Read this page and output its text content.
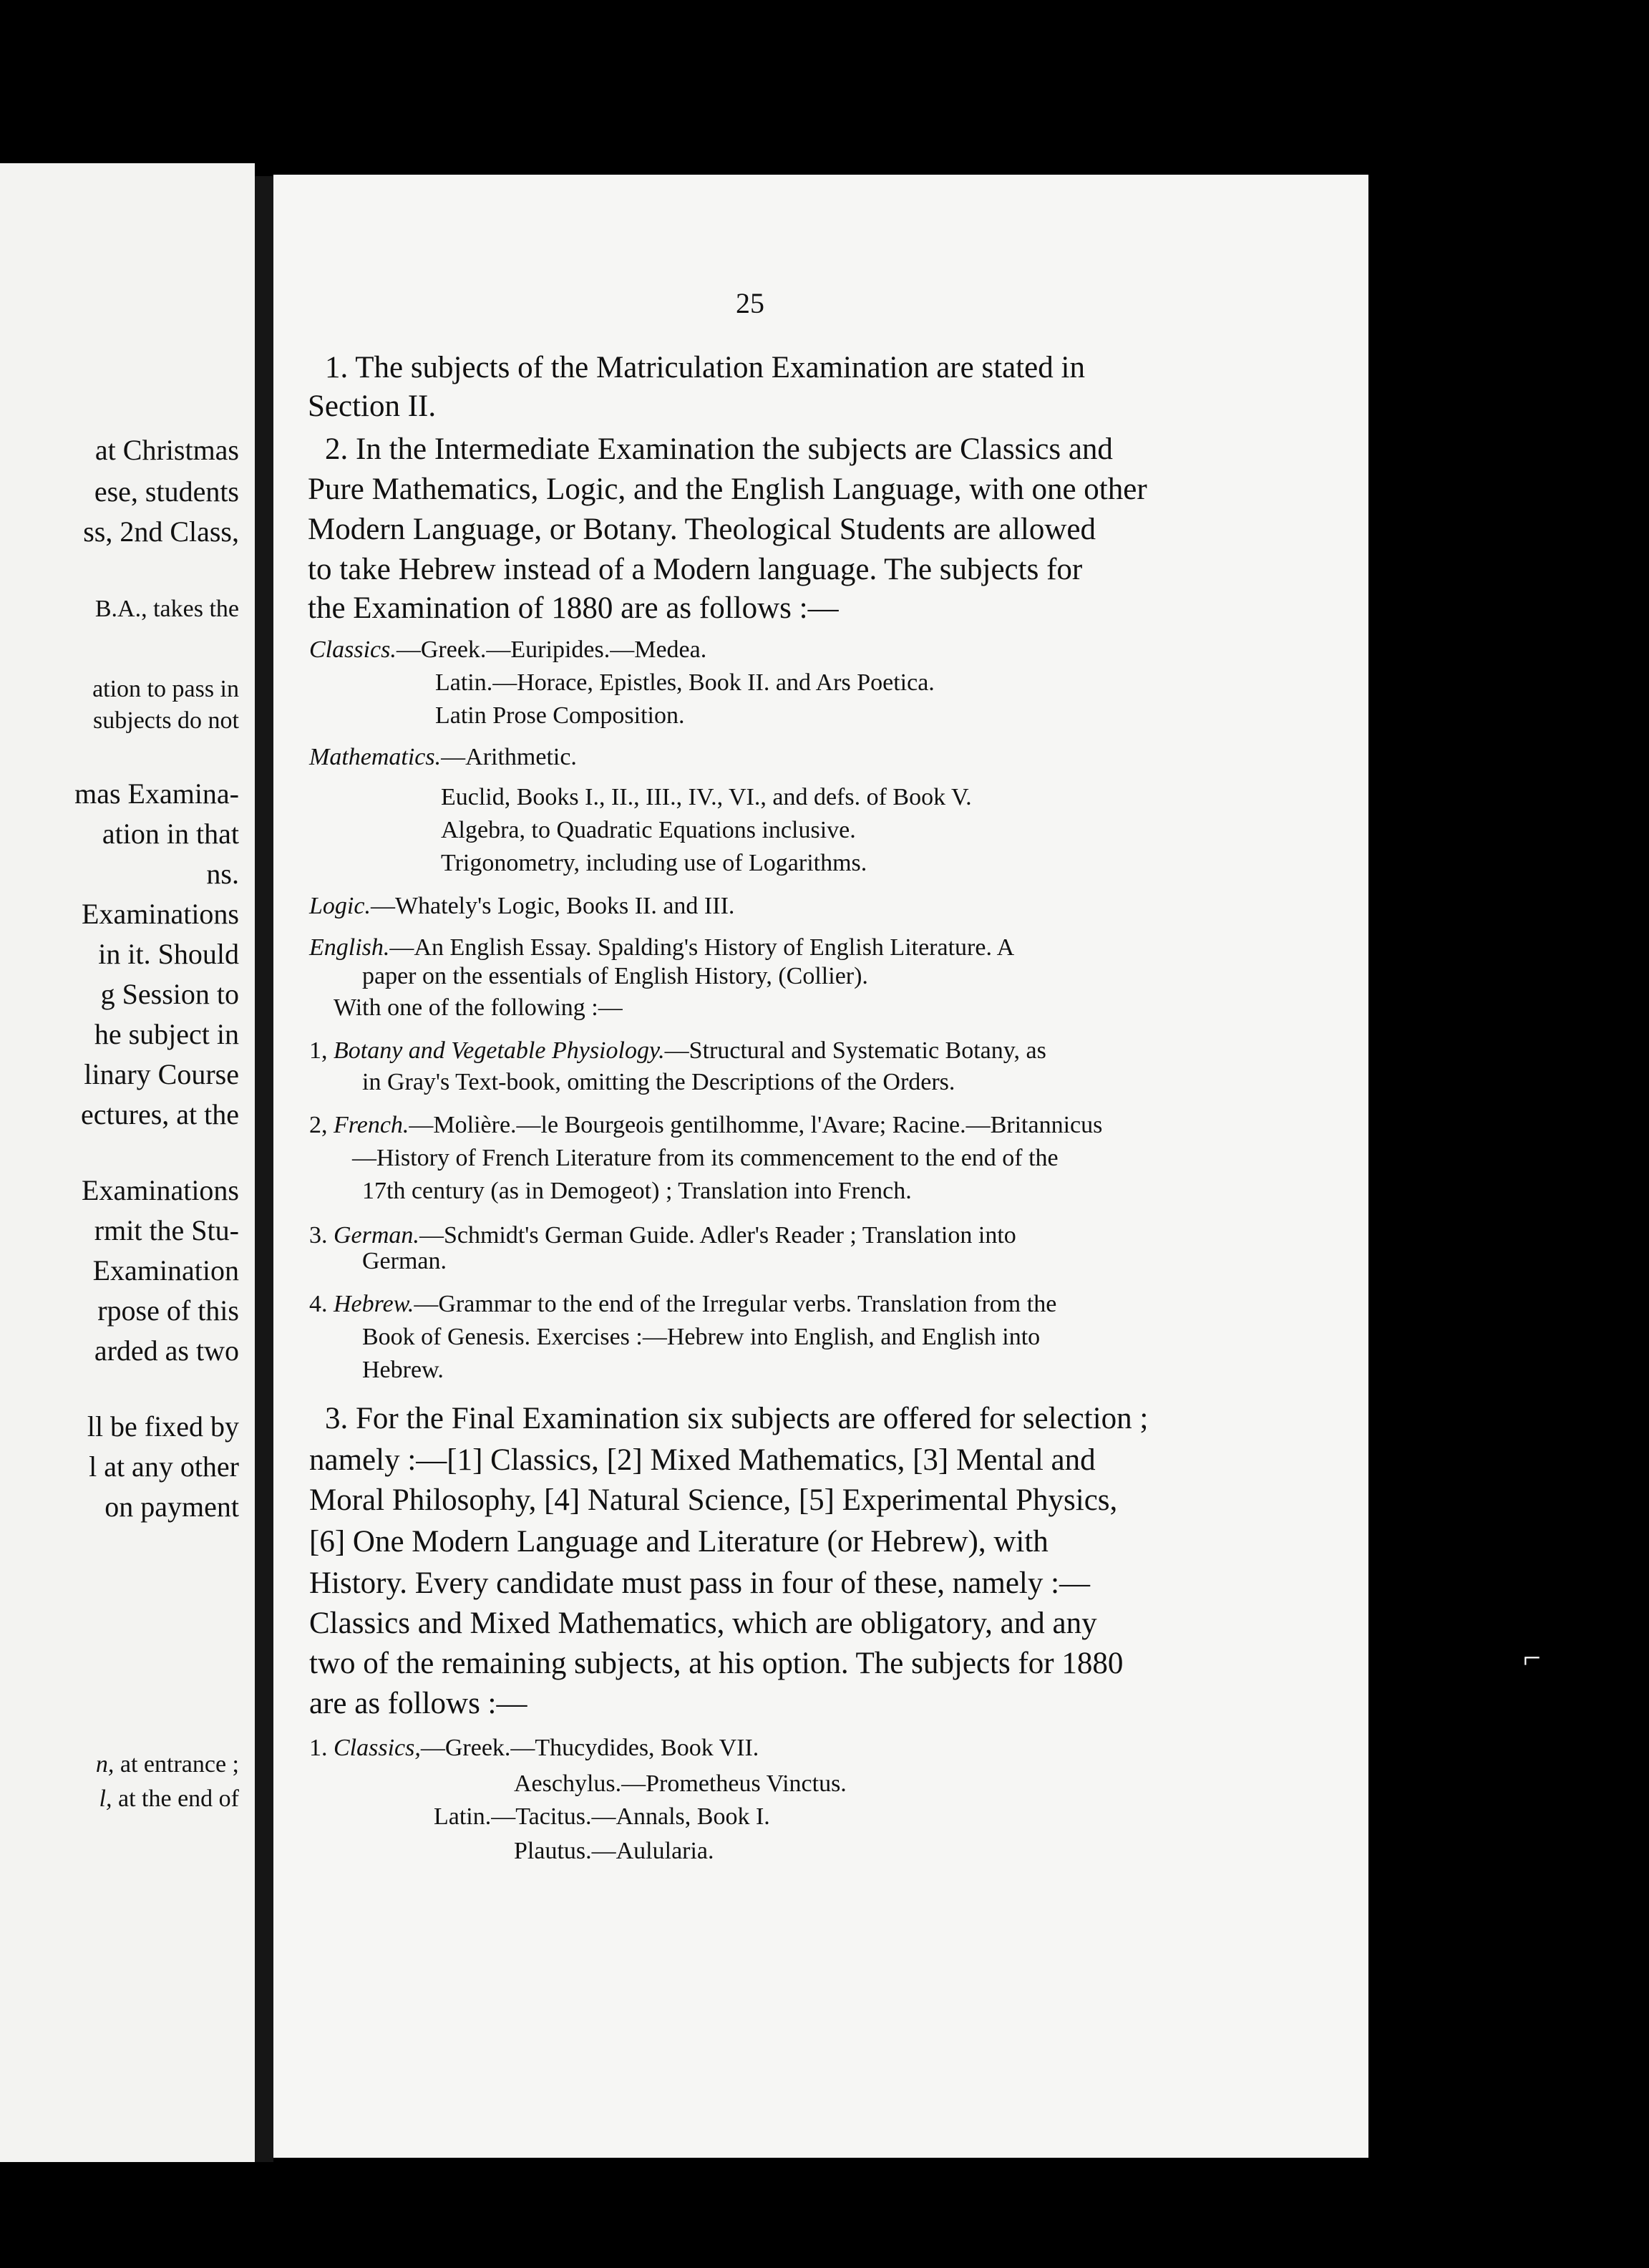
at Christmas
ese, students
ss, 2nd Class,
B.A., takes the
ation to pass in
subjects do not
mas Examina-
ation in that
ns.
Examinations
in it. Should
g Session to
he subject in
linary Course
ectures, at the
Examinations
rmit the Stu-
Examination
rpose of this
arded as two
ll be fixed by
l at any other
on payment
n, at entrance ;
l, at the end of
25
1. The subjects of the Matriculation Examination are stated in
Section II.
2. In the Intermediate Examination the subjects are Classics and
Pure Mathematics, Logic, and the English Language, with one other
Modern Language, or Botany. Theological Students are allowed
to take Hebrew instead of a Modern language. The subjects for
the Examination of 1880 are as follows :—
Classics.—Greek.—Euripides.—Medea.
Latin.—Horace, Epistles, Book II. and Ars Poetica.
Latin Prose Composition.
Mathematics.—Arithmetic.
Euclid, Books I., II., III., IV., VI., and defs. of Book V.
Algebra, to Quadratic Equations inclusive.
Trigonometry, including use of Logarithms.
Logic.—Whately's Logic, Books II. and III.
English.—An English Essay. Spalding's History of English Literature. A
paper on the essentials of English History, (Collier).
With one of the following :—
1, Botany and Vegetable Physiology.—Structural and Systematic Botany, as
in Gray's Text-book, omitting the Descriptions of the Orders.
2, French.—Molière.—le Bourgeois gentilhomme, l'Avare; Racine.—Britannicus
—History of French Literature from its commencement to the end of the
17th century (as in Demogeot) ; Translation into French.
3. German.—Schmidt's German Guide. Adler's Reader ; Translation into
German.
4. Hebrew.—Grammar to the end of the Irregular verbs. Translation from the
Book of Genesis. Exercises :—Hebrew into English, and English into
Hebrew.
3. For the Final Examination six subjects are offered for selection ;
namely :—[1] Classics, [2] Mixed Mathematics, [3] Mental and
Moral Philosophy, [4] Natural Science, [5] Experimental Physics,
[6] One Modern Language and Literature (or Hebrew), with
History. Every candidate must pass in four of these, namely :—
Classics and Mixed Mathematics, which are obligatory, and any
two of the remaining subjects, at his option. The subjects for 1880
are as follows :—
1. Classics,—Greek.—Thucydides, Book VII.
Aeschylus.—Prometheus Vinctus.
Latin.—Tacitus.—Annals, Book I.
Plautus.—Aulularia.
⌐
